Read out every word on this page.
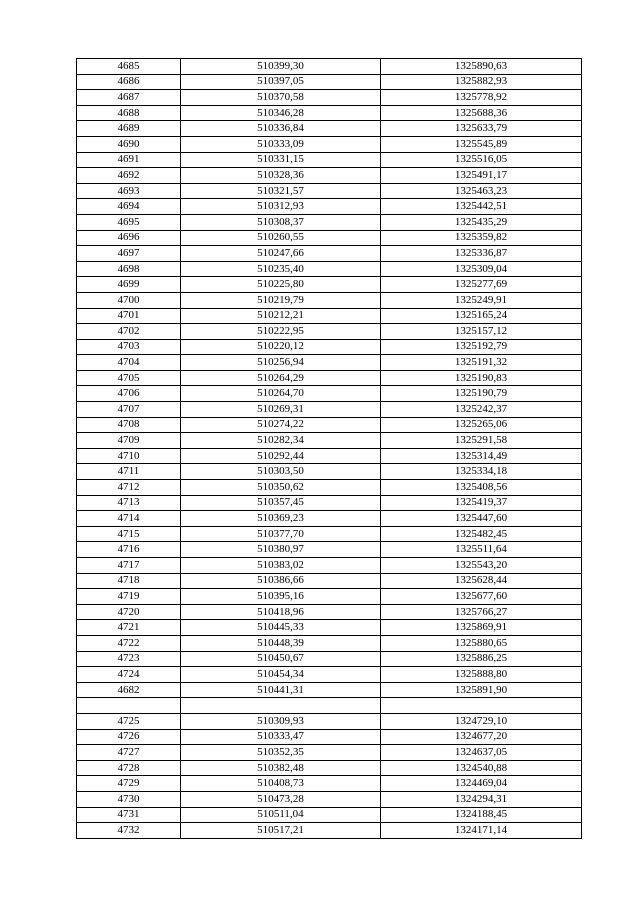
4685	510399,30	1325890,63
4686	510397,05	1325882,93
4687	510370,58	1325778,92
4688	510346,28	1325688,36
4689	510336,84	1325633,79
4690	510333,09	1325545,89
4691	510331,15	1325516,05
4692	510328,36	1325491,17
4693	510321,57	1325463,23
4694	510312,93	1325442,51
4695	510308,37	1325435,29
4696	510260,55	1325359,82
4697	510247,66	1325336,87
4698	510235,40	1325309,04
4699	510225,80	1325277,69
4700	510219,79	1325249,91
4701	510212,21	1325165,24
4702	510222,95	1325157,12
4703	510220,12	1325192,79
4704	510256,94	1325191,32
4705	510264,29	1325190,83
4706	510264,70	1325190,79
4707	510269,31	1325242,37
4708	510274,22	1325265,06
4709	510282,34	1325291,58
4710	510292,44	1325314,49
4711	510303,50	1325334,18
4712	510350,62	1325408,56
4713	510357,45	1325419,37
4714	510369,23	1325447,60
4715	510377,70	1325482,45
4716	510380,97	1325511,64
4717	510383,02	1325543,20
4718	510386,66	1325628,44
4719	510395,16	1325677,60
4720	510418,96	1325766,27
4721	510445,33	1325869,91
4722	510448,39	1325880,65
4723	510450,67	1325886,25
4724	510454,34	1325888,80
4682	510441,31	1325891,90

4725	510309,93	1324729,10
4726	510333,47	1324677,20
4727	510352,35	1324637,05
4728	510382,48	1324540,88
4729	510408,73	1324469,04
4730	510473,28	1324294,31
4731	510511,04	1324188,45
4732	510517,21	1324171,14
